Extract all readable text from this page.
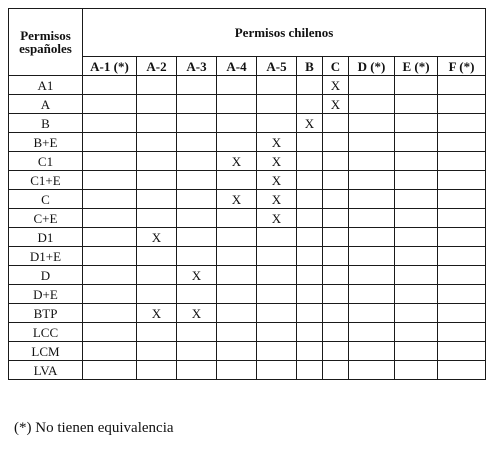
Permisos españoles	Permisos chilenos									
	A-1 (*)	A-2	A-3	A-4	A-5	B	C	D (*)	E (*)	F (*)
A1							X			
A							X			
B						X				
B+E					X					
C1				X	X					
C1+E					X					
C				X	X					
C+E					X					
D1		X								
D1+E										
D			X							
D+E										
BTP		X	X							
LCC										
LCM										
LVA										
(*) No tienen equivalencia
